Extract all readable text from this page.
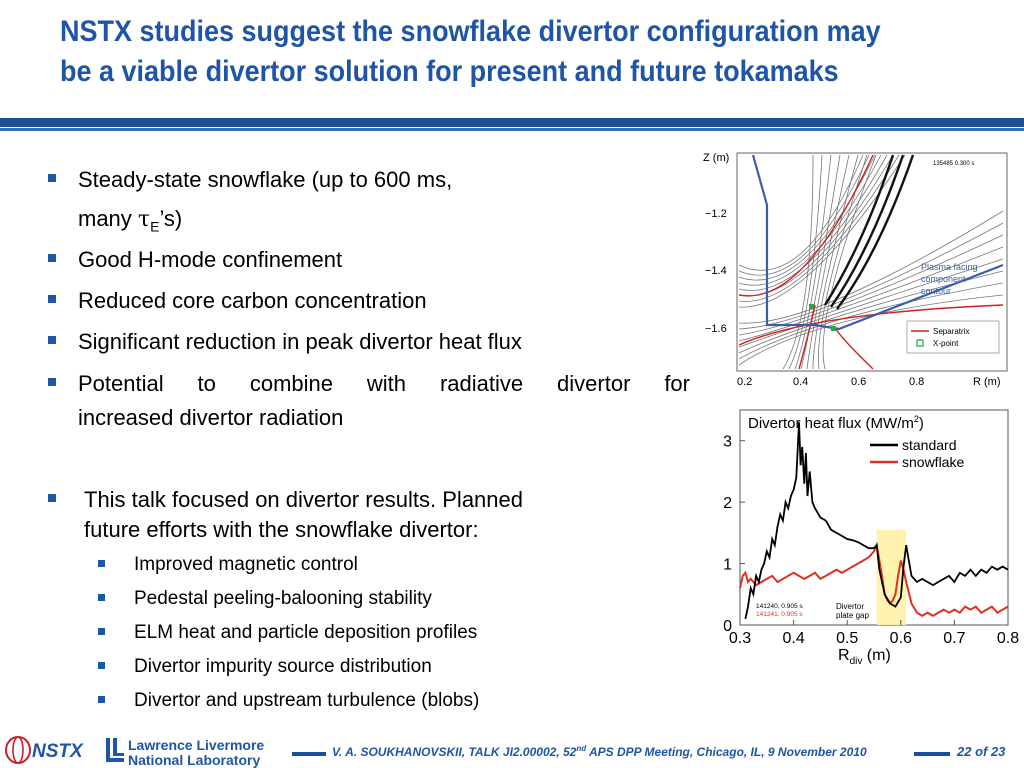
NSTX studies suggest the snowflake divertor configuration may
be a viable divertor solution for present and future tokamaks
Steady-state snowflake (up to 600 ms,
many $\tau_E’s$)
Good H-mode confinement
Reduced core carbon concentration
Significant reduction in peak divertor heat flux
Potential to combine with radiative divertor for
increased divertor radiation
This talk focused on divertor results. Planned
future efforts with the snowflake divertor:
Improved magnetic control
Pedestal peeling-balooning stability
ELM heat and particle deposition profiles
Divertor impurity source distribution
Divertor and upstream turbulence (blobs)
135485 0.300 s
Z (m)
−1.2
−1.4
−1.6
0.2	0.4	0.6	0.8	R (m)
Plasma facing
component
contour
Separatrix
X-point
Divertor heat flux $(MW/m^2)$
standard
snowflake
0.3 0.4 0.5 0.6 0.7 0.8
0
1
2
3
141240, 0.905 s
141241, 0.905 s
Divertor
plate gap
$R_{div}$ (m)
NSTX	Lawrence Livermore
National Laboratory	V. A. SOUKHANOVSKII, TALK JI2.00002, 52nd APS DPP Meeting, Chicago, IL, 9 November 2010	22 of 23
